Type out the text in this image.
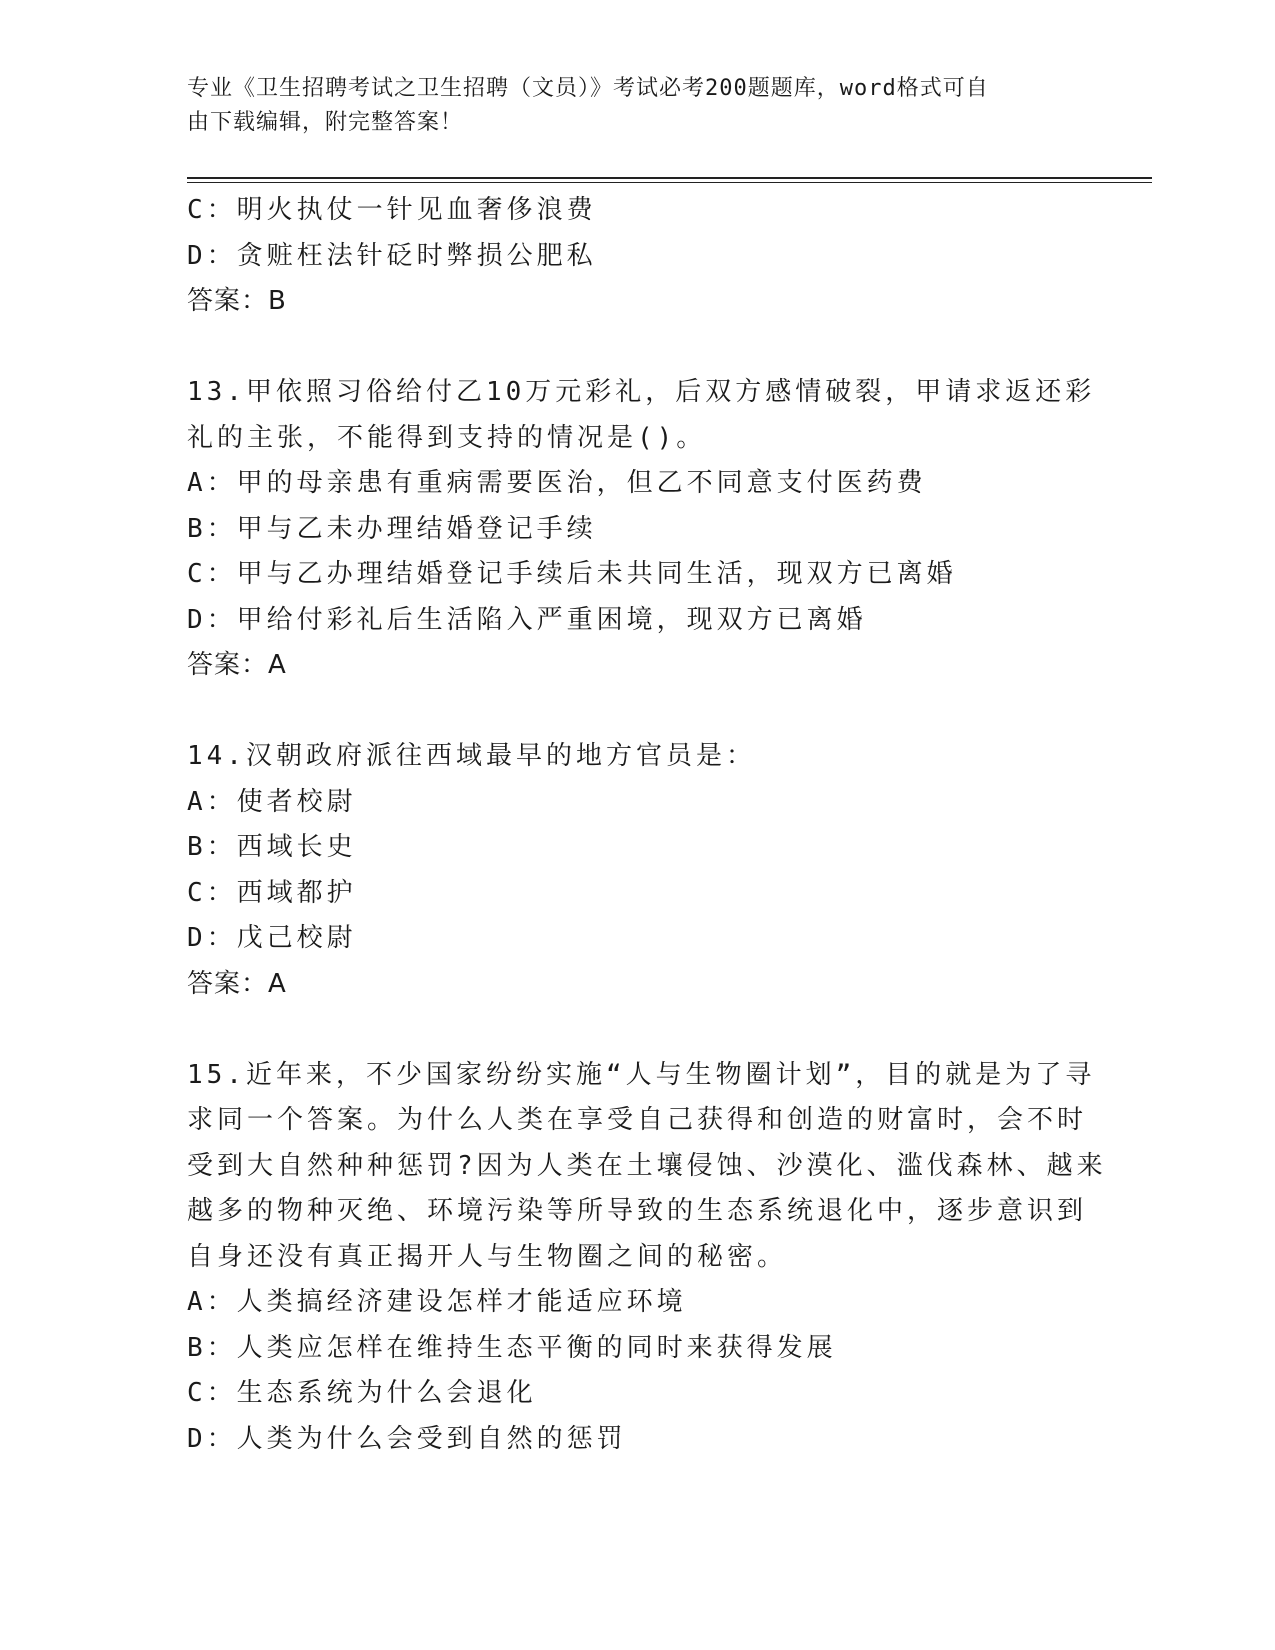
专业《卫生招聘考试之卫生招聘（文员）》考试必考200题题库，word格式可自
由下载编辑，附完整答案！
C：明火执仗一针见血奢侈浪费
D：贪赃枉法针砭时弊损公肥私
答案：B
13.甲依照习俗给付乙10万元彩礼，后双方感情破裂，甲请求返还彩
礼的主张，不能得到支持的情况是()。
A：甲的母亲患有重病需要医治，但乙不同意支付医药费
B：甲与乙未办理结婚登记手续
C：甲与乙办理结婚登记手续后未共同生活，现双方已离婚
D：甲给付彩礼后生活陷入严重困境，现双方已离婚
答案：A
14.汉朝政府派往西域最早的地方官员是：
A：使者校尉
B：西域长史
C：西域都护
D：戊己校尉
答案：A
15.近年来，不少国家纷纷实施“人与生物圈计划”，目的就是为了寻
求同一个答案。为什么人类在享受自己获得和创造的财富时，会不时
受到大自然种种惩罚?因为人类在土壤侵蚀、沙漠化、滥伐森林、越来
越多的物种灭绝、环境污染等所导致的生态系统退化中，逐步意识到
自身还没有真正揭开人与生物圈之间的秘密。
A：人类搞经济建设怎样才能适应环境
B：人类应怎样在维持生态平衡的同时来获得发展
C：生态系统为什么会退化
D：人类为什么会受到自然的惩罚
